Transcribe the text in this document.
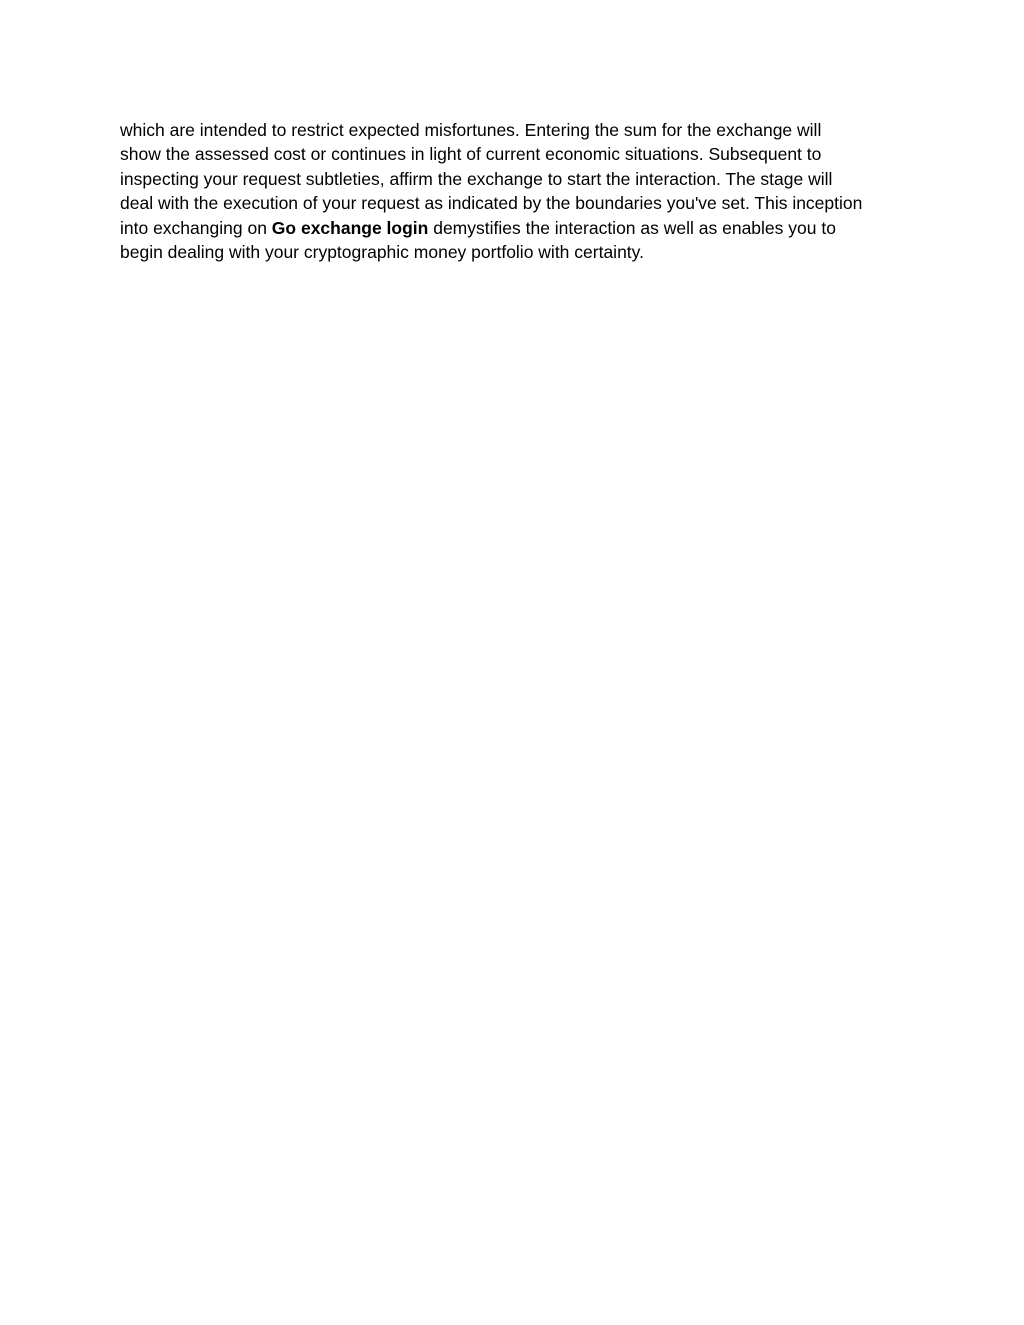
which are intended to restrict expected misfortunes. Entering the sum for the exchange will
show the assessed cost or continues in light of current economic situations. Subsequent to
inspecting your request subtleties, affirm the exchange to start the interaction. The stage will
deal with the execution of your request as indicated by the boundaries you've set. This inception
into exchanging on Go exchange login demystifies the interaction as well as enables you to
begin dealing with your cryptographic money portfolio with certainty.
